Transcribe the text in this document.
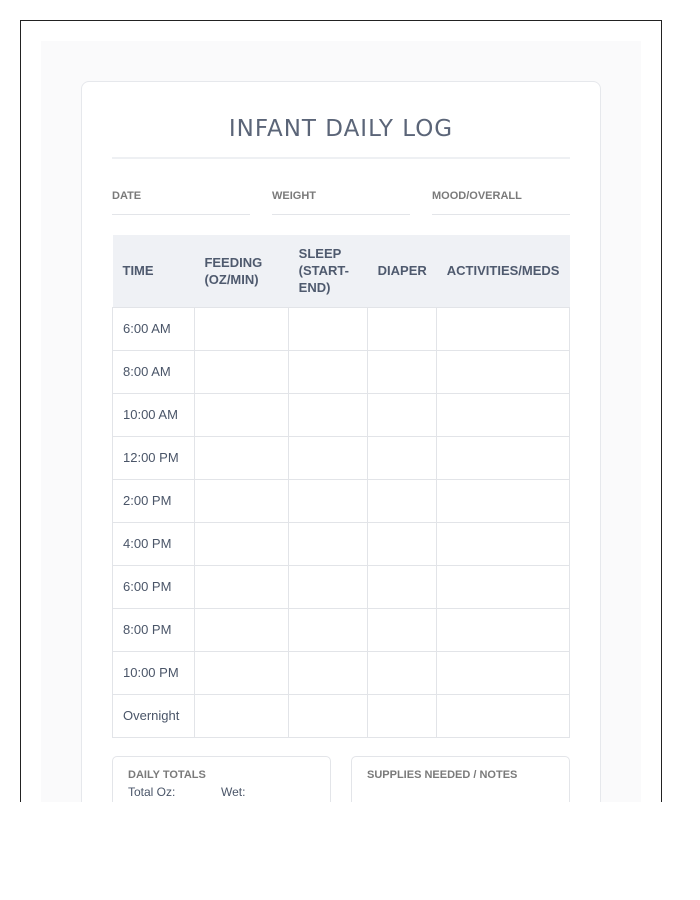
INFANT DAILY LOG
DATE	WEIGHT	MOOD/OVERALL
TIME	FEEDING (OZ/MIN)	SLEEP (START-END)	DIAPER	ACTIVITIES/MEDS
6:00 AM				
8:00 AM				
10:00 AM				
12:00 PM				
2:00 PM				
4:00 PM				
6:00 PM				
8:00 PM				
10:00 PM				
Overnight				
DAILY TOTALS
Total Oz:	Wet:
SUPPLIES NEEDED / NOTES
